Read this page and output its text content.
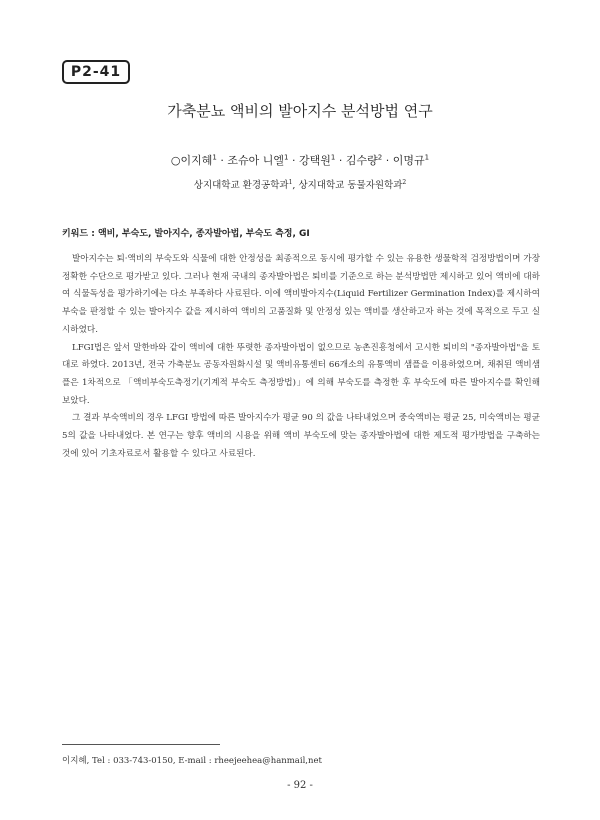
P2-41
가축분뇨 액비의 발아지수 분석방법 연구
○이지혜$^1$ · 조슈아 니엘$^1$ · 강택원$^1$ · 김수량$^2$ · 이명규$^1$
상지대학교 환경공학과$^1$, 상지대학교 동물자원학과$^2$
키워드 : 액비, 부숙도, 발아지수, 종자발아법, 부숙도 측정, GI

발아지수는 퇴·액비의 부숙도와 식물에 대한 안정성을 최종적으로 동시에 평가할 수 있는 유용한 생물학적 검정방법이며 가장 정확한 수단으로 평가받고 있다. 그러나 현재 국내의 종자발아법은 퇴비를 기준으로 하는 분석방법만 제시하고 있어 액비에 대하여 식물독성을 평가하기에는 다소 부족하다 사료된다. 이에 액비발아지수(Liquid Fertilizer Germination Index)를 제시하여 부숙을 판정할 수 있는 발아지수 값을 제시하여 액비의 고품질화 및 안정성 있는 액비를 생산하고자 하는 것에 목적으로 두고 실시하였다.

LFGI법은 앞서 말한바와 같이 액비에 대한 뚜렷한 종자발아법이 없으므로 농촌진흥청에서 고시한 퇴비의 "종자발아법"을 토대로 하였다. 2013년, 전국 가축분뇨 공동자원화시설 및 액비유통센터 66개소의 유통액비 샘플을 이용하였으며, 채취된 액비샘플은 1차적으로 「액비부숙도측정기(기계적 부숙도 측정방법)」에 의해 부숙도를 측정한 후 부숙도에 따른 발아지수를 확인해 보았다.

그 결과 부숙액비의 경우 LFGI 방법에 따른 발아지수가 평균 90 의 값을 나타내었으며 중숙액비는 평균 25, 미숙액비는 평균 5의 값을 나타내었다. 본 연구는 향후 액비의 시용을 위해 액비 부숙도에 맞는 종자발아법에 대한 제도적 평가방법을 구축하는 것에 있어 기초자료로서 활용할 수 있다고 사료된다.

이지혜, Tel : 033-743-0150, E-mail : rheejeehea@hanmail,net
- 92 -
